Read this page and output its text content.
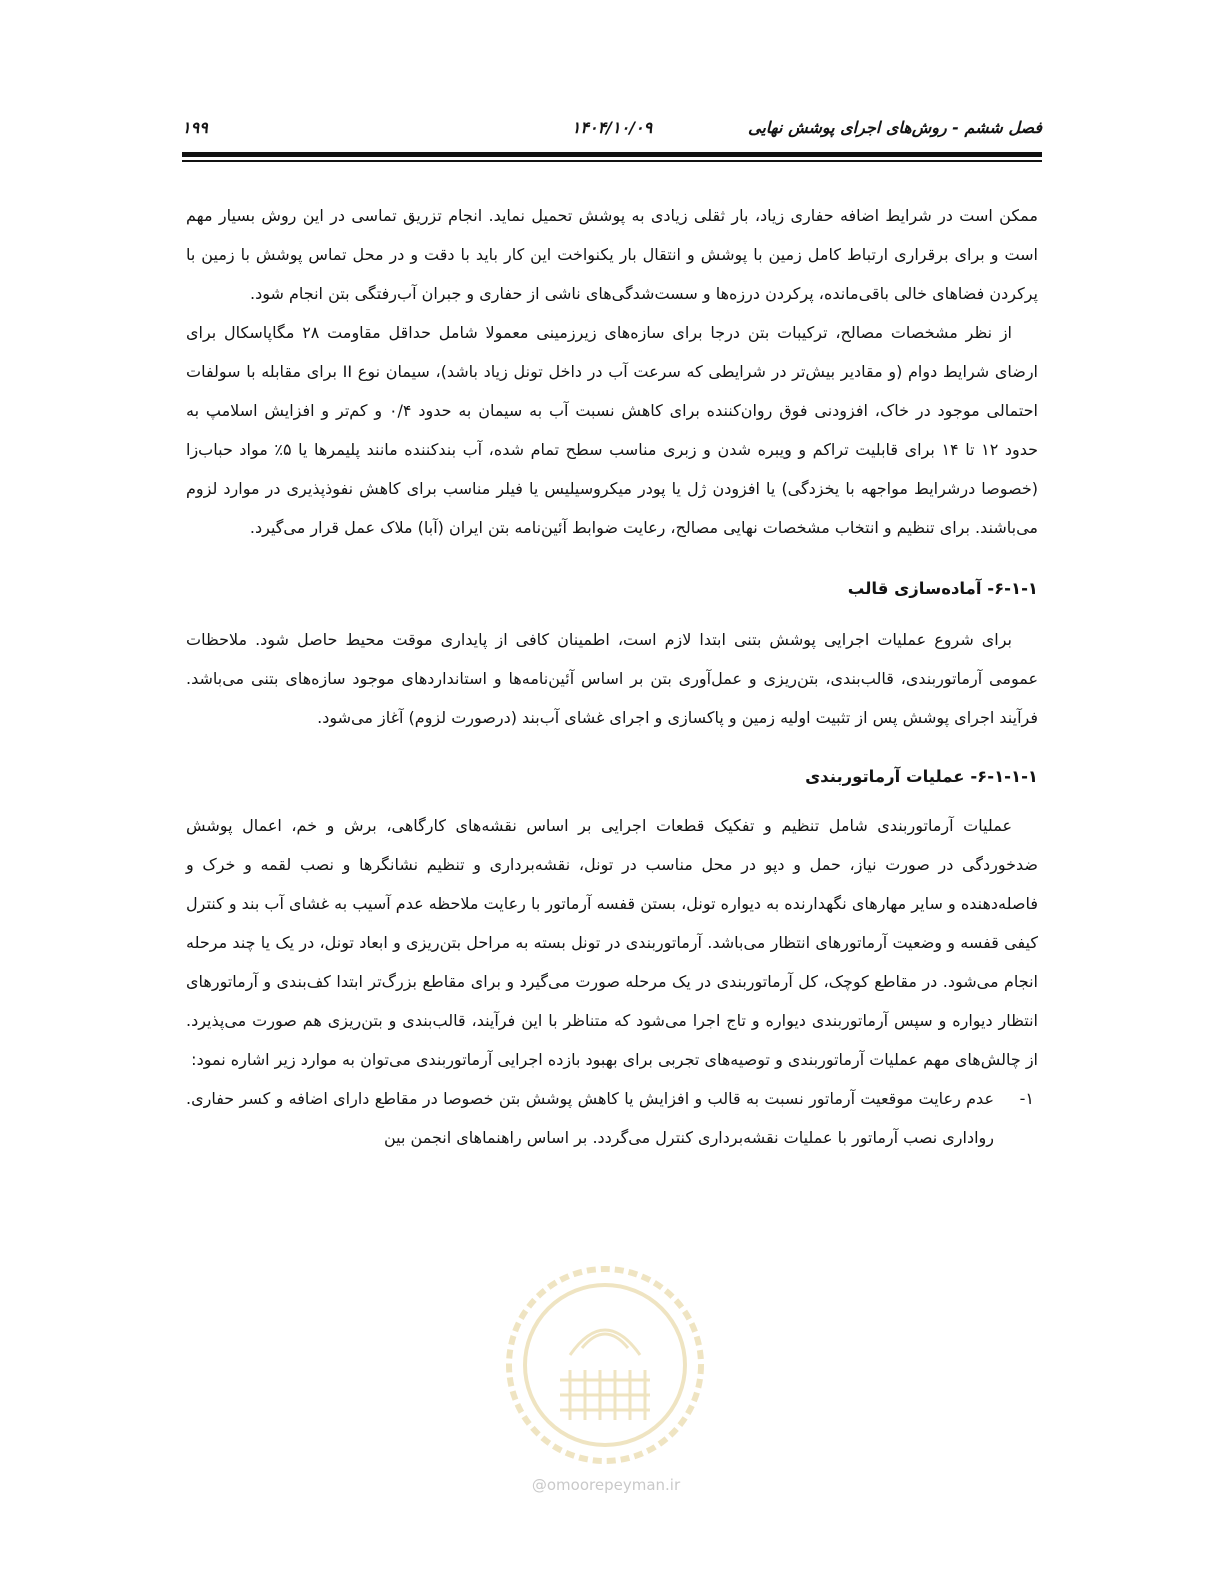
فصل ششم - روش‌های اجرای پوشش نهایی
۱۴۰۴/۱۰/۰۹
۱۹۹

ممکن است در شرایط اضافه حفاری زیاد، بار ثقلی زیادی به پوشش تحمیل نماید. انجام تزریق تماسی در این روش بسیار مهم است و برای برقراری ارتباط کامل زمین با پوشش و انتقال بار یکنواخت این کار باید با دقت و در محل تماس پوشش با زمین با پرکردن فضاهای خالی باقی‌مانده، پرکردن درزه‌ها و سست‌شدگی‌های ناشی از حفاری و جبران آب‌رفتگی بتن انجام شود.

از نظر مشخصات مصالح، ترکیبات بتن درجا برای سازه‌های زیرزمینی معمولا شامل حداقل مقاومت ۲۸ مگاپاسکال برای ارضای شرایط دوام (و مقادیر بیش‌تر در شرایطی که سرعت آب در داخل تونل زیاد باشد)، سیمان نوع II برای مقابله با سولفات احتمالی موجود در خاک، افزودنی فوق روان‌کننده برای کاهش نسبت آب به سیمان به حدود ۰/۴ و کم‌تر و افزایش اسلامپ به حدود ۱۲ تا ۱۴ برای قابلیت تراکم و ویبره شدن و زبری مناسب سطح تمام شده، آب بندکننده مانند پلیمرها یا ۵٪ مواد حباب‌زا (خصوصا درشرایط مواجهه با یخزدگی) یا افزودن ژل یا پودر میکروسیلیس یا فیلر مناسب برای کاهش نفوذپذیری در موارد لزوم می‌باشند. برای تنظیم و انتخاب مشخصات نهایی مصالح، رعایت ضوابط آئین‌نامه بتن ایران (آبا) ملاک عمل قرار می‌گیرد.

۶-۱-۱- آماده‌سازی قالب

برای شروع عملیات اجرایی پوشش بتنی ابتدا لازم است، اطمینان کافی از پایداری موقت محیط حاصل شود. ملاحظات عمومی آرماتوربندی، قالب‌بندی، بتن‌ریزی و عمل‌آوری بتن بر اساس آئین‌نامه‌ها و استانداردهای موجود سازه‌های بتنی می‌باشد. فرآیند اجرای پوشش پس از تثبیت اولیه زمین و پاکسازی و اجرای غشای آب‌بند (درصورت لزوم) آغاز می‌شود.

۶-۱-۱-۱- عملیات آرماتوربندی

عملیات آرماتوربندی شامل تنظیم و تفکیک قطعات اجرایی بر اساس نقشه‌های کارگاهی، برش و خم، اعمال پوشش ضدخوردگی در صورت نیاز، حمل و دپو در محل مناسب در تونل، نقشه‌برداری و تنظیم نشانگرها و نصب لقمه و خرک و فاصله‌دهنده و سایر مهارهای نگهدارنده به دیواره تونل، بستن قفسه آرماتور با رعایت ملاحظه عدم آسیب به غشای آب بند و کنترل کیفی قفسه و وضعیت آرماتورهای انتظار می‌باشد. آرماتوربندی در تونل بسته به مراحل بتن‌ریزی و ابعاد تونل، در یک یا چند مرحله انجام می‌شود. در مقاطع کوچک، کل آرماتوربندی در یک مرحله صورت می‌گیرد و برای مقاطع بزرگ‌تر ابتدا کف‌بندی و آرماتورهای انتظار دیواره و سپس آرماتوربندی دیواره و تاج اجرا می‌شود که متناظر با این فرآیند، قالب‌بندی و بتن‌ریزی هم صورت می‌پذیرد. از چالش‌های مهم عملیات آرماتوربندی و توصیه‌های تجربی برای بهبود بازده اجرایی آرماتوربندی می‌توان به موارد زیر اشاره نمود:

۱-
عدم رعایت موقعیت آرماتور نسبت به قالب و افزایش یا کاهش پوشش بتن خصوصا در مقاطع دارای اضافه و کسر حفاری. رواداری نصب آرماتور با عملیات نقشه‌برداری کنترل می‌گردد. بر اساس راهنماهای انجمن بین

@omoorepeyman.ir
